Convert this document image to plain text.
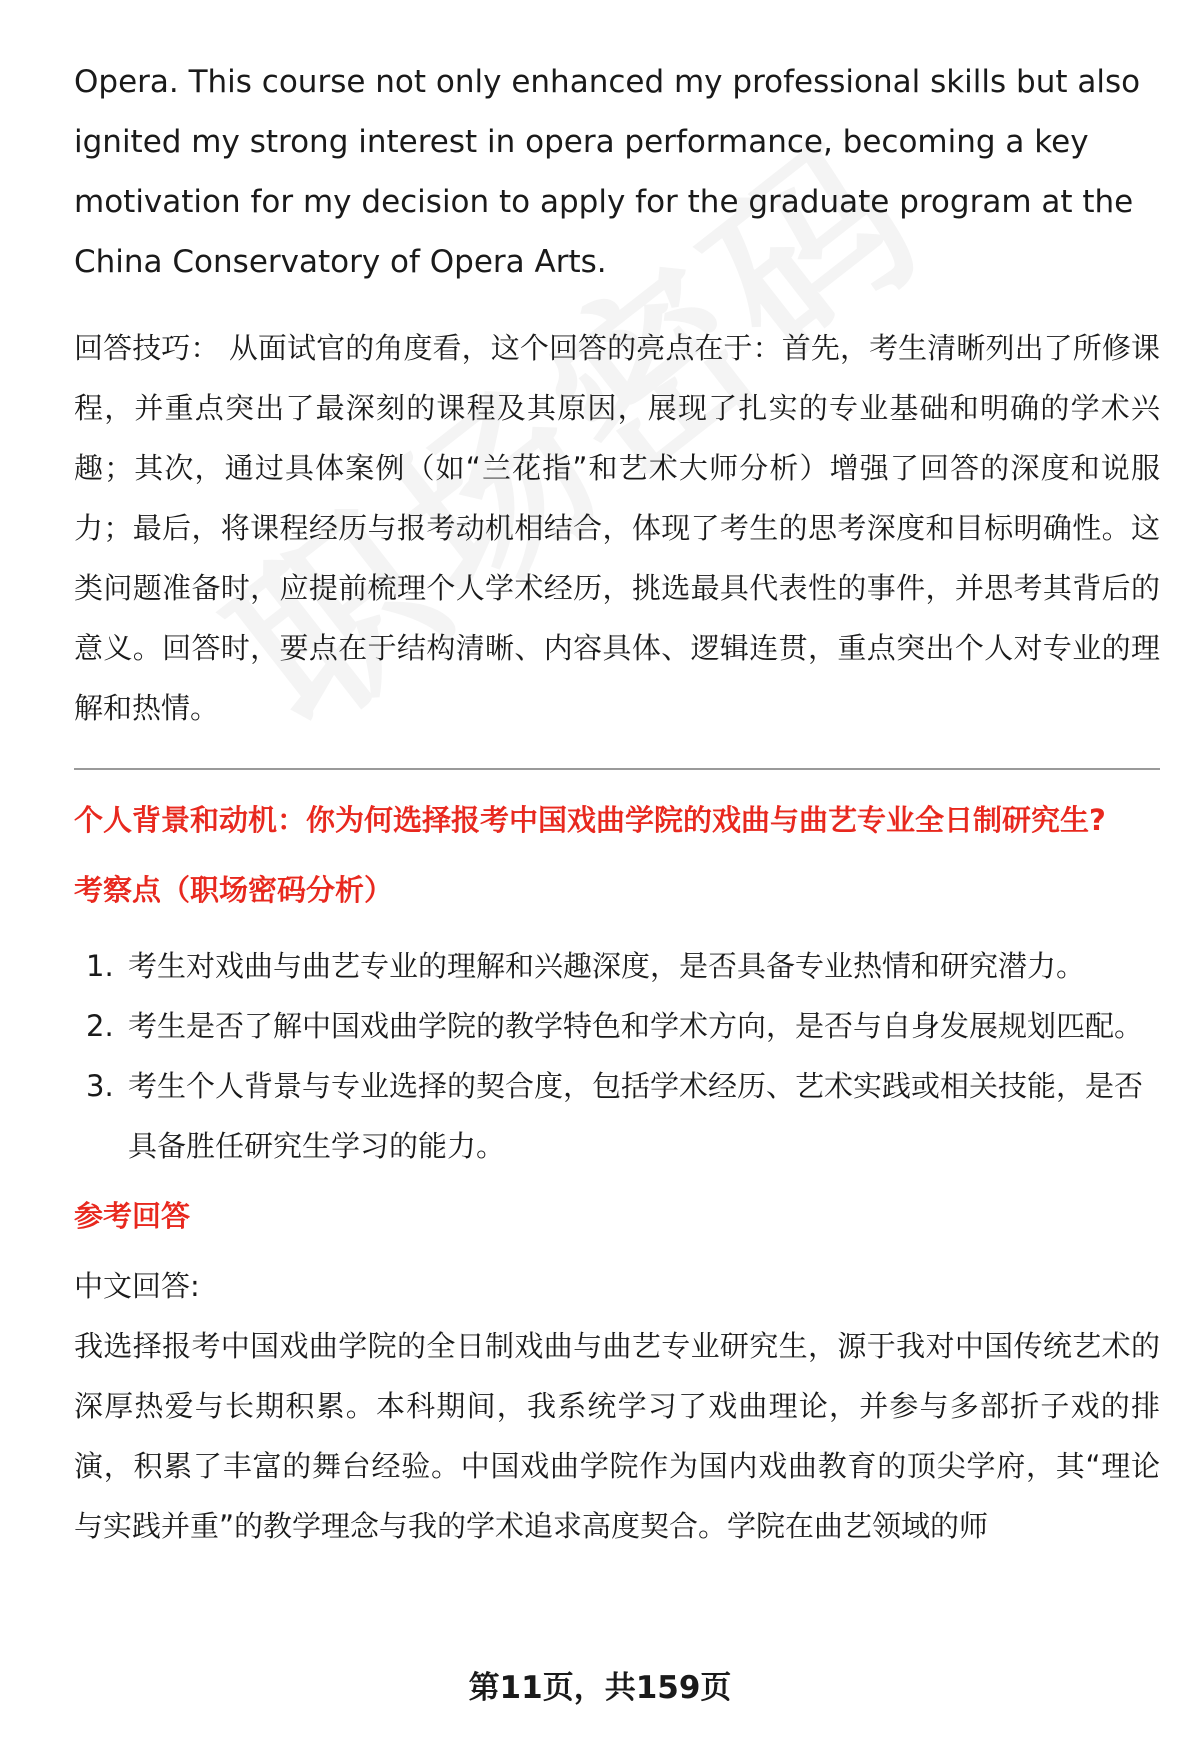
Opera. This course not only enhanced my professional skills but also ignited my strong interest in opera performance, becoming a key motivation for my decision to apply for the graduate program at the China Conservatory of Opera Arts.

回答技巧： 从面试官的角度看，这个回答的亮点在于：首先，考生清晰列出了所修课程，并重点突出了最深刻的课程及其原因，展现了扎实的专业基础和明确的学术兴趣；其次，通过具体案例（如“兰花指”和艺术大师分析）增强了回答的深度和说服力；最后，将课程经历与报考动机相结合，体现了考生的思考深度和目标明确性。这类问题准备时，应提前梳理个人学术经历，挑选最具代表性的事件，并思考其背后的意义。回答时，要点在于结构清晰、内容具体、逻辑连贯，重点突出个人对专业的理解和热情。

个人背景和动机：你为何选择报考中国戏曲学院的戏曲与曲艺专业全日制研究生?

考察点（职场密码分析）

1. 考生对戏曲与曲艺专业的理解和兴趣深度，是否具备专业热情和研究潜力。
2. 考生是否了解中国戏曲学院的教学特色和学术方向，是否与自身发展规划匹配。
3. 考生个人背景与专业选择的契合度，包括学术经历、艺术实践或相关技能，是否具备胜任研究生学习的能力。

参考回答

中文回答:

我选择报考中国戏曲学院的全日制戏曲与曲艺专业研究生，源于我对中国传统艺术的深厚热爱与长期积累。本科期间，我系统学习了戏曲理论，并参与多部折子戏的排演，积累了丰富的舞台经验。中国戏曲学院作为国内戏曲教育的顶尖学府，其“理论与实践并重”的教学理念与我的学术追求高度契合。学院在曲艺领域的师

第11页，共159页
